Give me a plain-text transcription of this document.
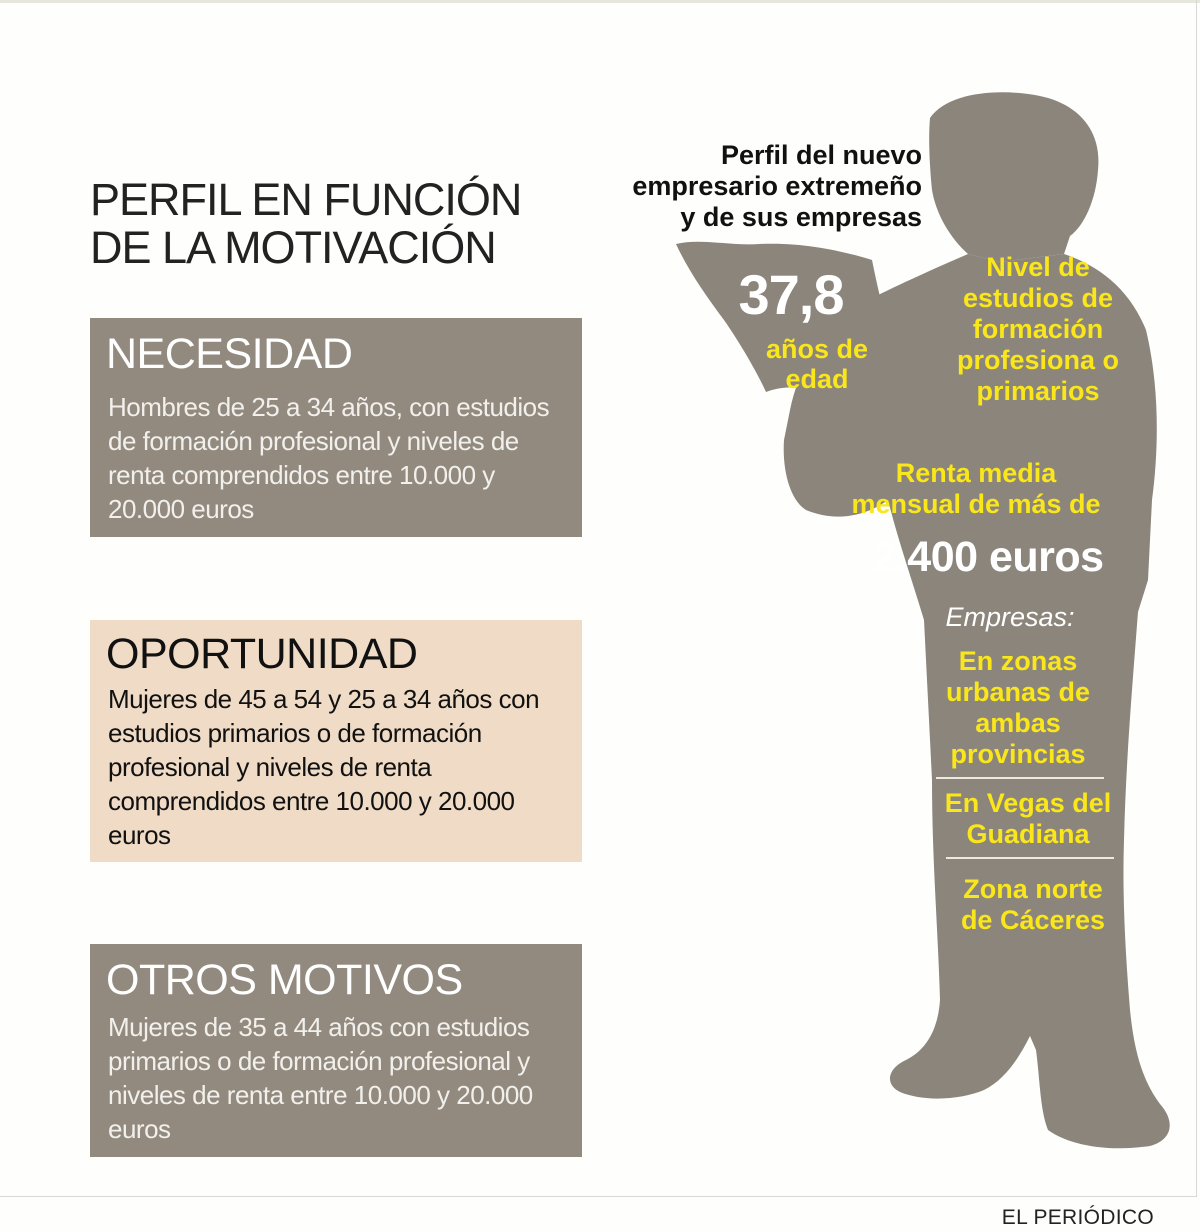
PERFIL EN FUNCIÓN
DE LA MOTIVACIÓN
NECESIDAD

Hombres de 25 a 34 años, con estudios de formación profesional y niveles de renta comprendidos entre 10.000 y 20.000 euros

OPORTUNIDAD

Mujeres de 45 a 54 y 25 a 34 años con estudios primarios o de formación profesional y niveles de renta comprendidos entre 10.000 y 20.000 euros

OTROS MOTIVOS

Mujeres de 35 a 44 años con estudios primarios o de formación profesional y niveles de renta entre 10.000 y 20.000 euros

Perfil del nuevo
empresario extremeño
y de sus empresas
37,8
años de
edad
Nivel de
estudios de
formación
profesiona o
primarios
Renta media
mensual de más de
2.400 euros
Empresas:
En zonas
urbanas de
ambas
provincias
En Vegas del
Guadiana
Zona norte
de Cáceres
EL PERIÓDICO
